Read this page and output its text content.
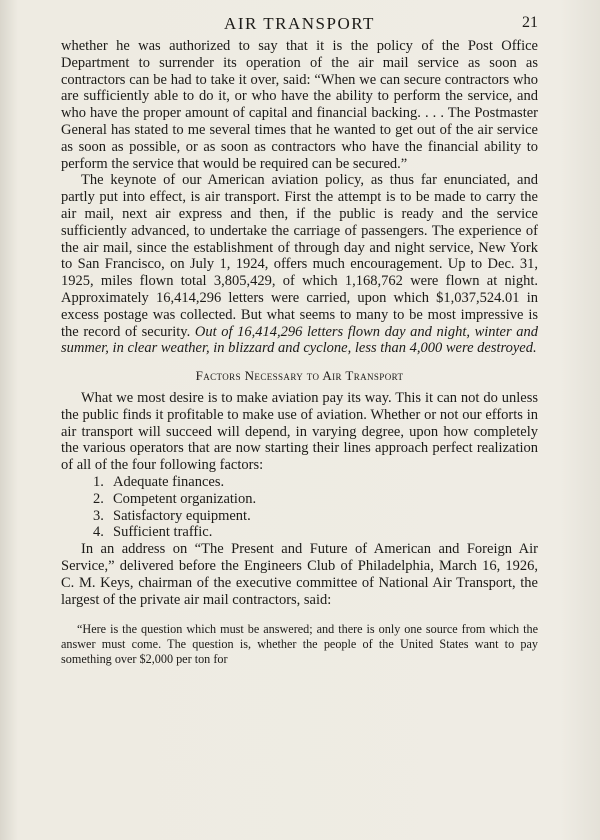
AIR TRANSPORT	21

whether he was authorized to say that it is the policy of the Post Office Department to surrender its operation of the air mail service as soon as contractors can be had to take it over, said: “When we can secure contractors who are sufficiently able to do it, or who have the ability to perform the service, and who have the proper amount of capital and financial backing. . . . The Postmaster General has stated to me several times that he wanted to get out of the air service as soon as possible, or as soon as contractors who have the financial ability to perform the service that would be required can be secured.”

The keynote of our American aviation policy, as thus far enunciated, and partly put into effect, is air transport. First the attempt is to be made to carry the air mail, next air express and then, if the public is ready and the service sufficiently advanced, to undertake the carriage of passengers. The experience of the air mail, since the establishment of through day and night service, New York to San Francisco, on July 1, 1924, offers much encouragement. Up to Dec. 31, 1925, miles flown total 3,805,429, of which 1,168,762 were flown at night. Approximately 16,414,296 letters were carried, upon which $1,037,524.01 in excess postage was collected. But what seems to many to be most impressive is the record of security. Out of 16,414,296 letters flown day and night, winter and summer, in clear weather, in blizzard and cyclone, less than 4,000 were destroyed.

Factors Necessary to Air Transport

What we most desire is to make aviation pay its way. This it can not do unless the public finds it profitable to make use of aviation. Whether or not our efforts in air transport will succeed will depend, in varying degree, upon how completely the various operators that are now starting their lines approach perfect realization of all of the four following factors:

1. Adequate finances.
2. Competent organization.
3. Satisfactory equipment.
4. Sufficient traffic.

In an address on “The Present and Future of American and Foreign Air Service,” delivered before the Engineers Club of Philadelphia, March 16, 1926, C. M. Keys, chairman of the executive committee of National Air Transport, the largest of the private air mail contractors, said:

“Here is the question which must be answered; and there is only one source from which the answer must come. The question is, whether the people of the United States want to pay something over $2,000 per ton for
